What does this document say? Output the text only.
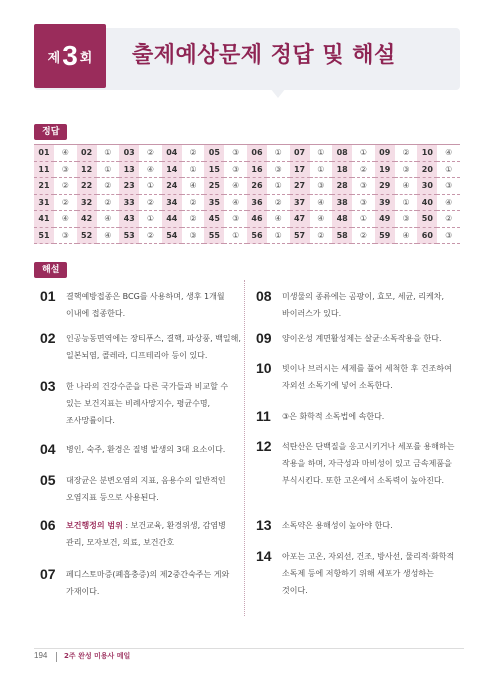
제 3 회 출제예상문제 정답 및 해설
정답
01	④	02	①	03	②	04	②	05	③	06	①	07	①	08	①	09	②	10	④
11	③	12	①	13	④	14	①	15	③	16	③	17	①	18	②	19	③	20	①
21	②	22	②	23	①	24	④	25	④	26	①	27	③	28	③	29	④	30	③
31	②	32	②	33	②	34	②	35	④	36	②	37	④	38	③	39	①	40	④
41	④	42	④	43	①	44	②	45	③	46	④	47	④	48	①	49	③	50	②
51	③	52	④	53	②	54	③	55	①	56	①	57	②	58	②	59	④	60	③
해설
01	결핵예방접종은 BCG를 사용하며, 생후 1개월 이내에 접종한다.
02	인공능동면역에는 장티푸스, 결핵, 파상풍, 백일해, 일본뇌염, 콜레라, 디프테리아 등이 있다.
03	한 나라의 건강수준을 다른 국가들과 비교할 수 있는 보건지표는 비례사망지수, 평균수명, 조사망률이다.
04	병인, 숙주, 환경은 질병 발생의 3대 요소이다.
05	대장균은 분변오염의 지표, 음용수의 일반적인 오염지표 등으로 사용된다.
06	보건행정의 범위 : 보건교육, 환경위생, 감염병 관리, 모자보건, 의료, 보건간호
07	페디스토마증(폐흡충증)의 제2중간숙주는 게와 가재이다.
08	미생물의 종류에는 곰팡이, 효모, 세균, 리케차, 바이러스가 있다.
09	양이온성 계면활성제는 살균·소독작용을 한다.
10	빗이나 브러시는 세제를 풀어 세척한 후 건조하여 자외선 소독기에 넣어 소독한다.
11	③은 화학적 소독법에 속한다.
12	석탄산은 단백질을 응고시키거나 세포를 용해하는 작용을 하며, 자극성과 마비성이 있고 금속제품을 부식시킨다. 또한 고온에서 소독력이 높아진다.
13	소독약은 용해성이 높아야 한다.
14	아포는 고온, 자외선, 건조, 방사선, 물리적·화학적 소독제 등에 저항하기 위해 세포가 생성하는 것이다.
194 2주 완성 미용사 메일
